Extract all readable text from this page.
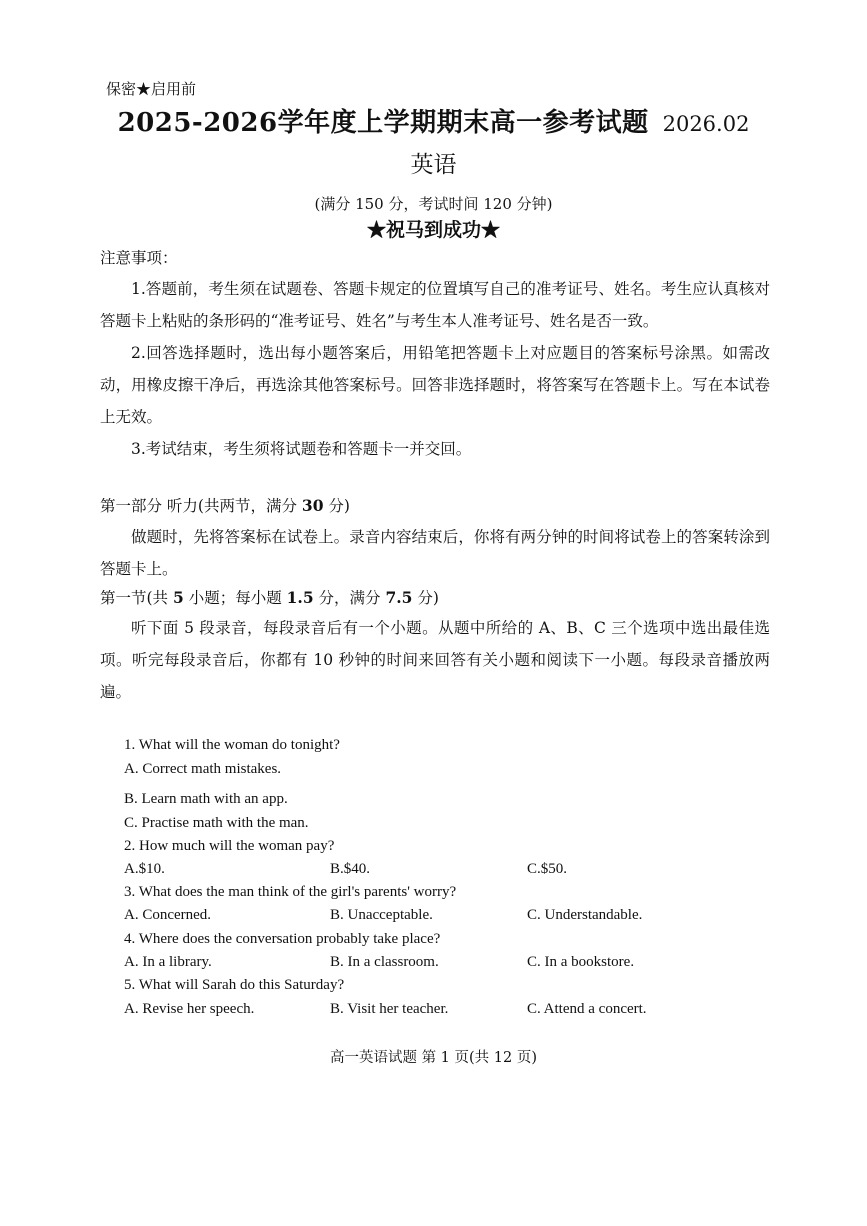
保密★启用前
2025-2026学年度上学期期末高一参考试题 2026.02
英语
(满分 150 分，考试时间 120 分钟)
★祝马到成功★
注意事项：
1.答题前，考生须在试题卷、答题卡规定的位置填写自己的准考证号、姓名。考生应认真核对答题卡上粘贴的条形码的“准考证号、姓名”与考生本人准考证号、姓名是否一致。
2.回答选择题时，选出每小题答案后，用铅笔把答题卡上对应题目的答案标号涂黑。如需改动，用橡皮擦干净后，再选涂其他答案标号。回答非选择题时，将答案写在答题卡上。写在本试卷上无效。
3.考试结束，考生须将试题卷和答题卡一并交回。
第一部分 听力(共两节，满分 30 分)
做题时，先将答案标在试卷上。录音内容结束后，你将有两分钟的时间将试卷上的答案转涂到答题卡上。
第一节(共 5 小题；每小题 1.5 分，满分 7.5 分)
听下面 5 段录音，每段录音后有一个小题。从题中所给的 A、B、C 三个选项中选出最佳选项。听完每段录音后，你都有 10 秒钟的时间来回答有关小题和阅读下一小题。每段录音播放两遍。
1. What will the woman do tonight?
A. Correct math mistakes.
B. Learn math with an app.
C. Practise math with the man.
2. How much will the woman pay?
A.$10.	B.$40.	C.$50.
3. What does the man think of the girl's parents' worry?
A. Concerned.	B. Unacceptable.	C. Understandable.
4. Where does the conversation probably take place?
A. In a library.	B. In a classroom.	C. In a bookstore.
5. What will Sarah do this Saturday?
A. Revise her speech.	B. Visit her teacher.	C. Attend a concert.
高一英语试题 第 1 页(共 12 页)
